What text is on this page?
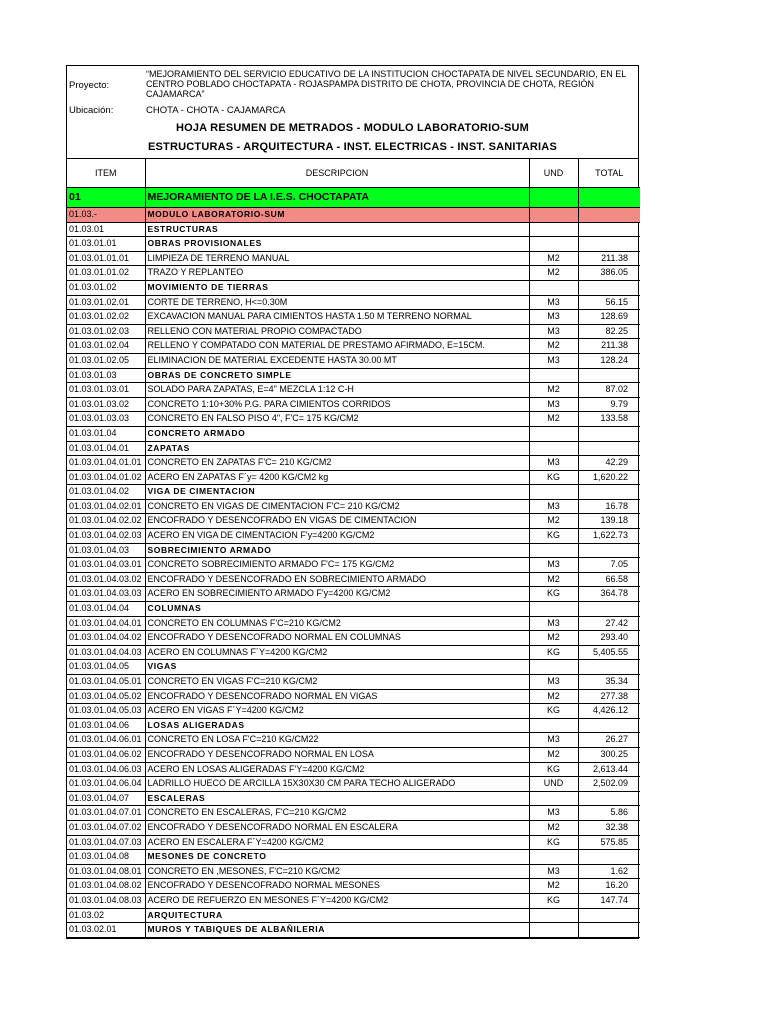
Proyecto:
“MEJORAMIENTO DEL SERVICIO EDUCATIVO DE LA INSTITUCION CHOCTAPATA DE NIVEL SECUNDARIO, EN EL CENTRO POBLADO CHOCTAPATA - ROJASPAMPA DISTRITO DE CHOTA, PROVINCIA DE CHOTA, REGIÓN CAJAMARCA”
Ubicación:	CHOTA - CHOTA - CAJAMARCA
HOJA RESUMEN DE METRADOS - MODULO LABORATORIO-SUM
ESTRUCTURAS - ARQUITECTURA - INST. ELECTRICAS - INST. SANITARIAS
ITEM	DESCRIPCION	UND	TOTAL
01	MEJORAMIENTO DE LA I.E.S. CHOCTAPATA		
01.03.-	MODULO LABORATORIO-SUM		
01.03.01	ESTRUCTURAS		
01.03.01.01	OBRAS PROVISIONALES		
01.03.01.01.01	LIMPIEZA DE TERRENO MANUAL	M2	211.38
01.03.01.01.02	TRAZO Y REPLANTEO	M2	386.05
01.03.01.02	MOVIMIENTO DE TIERRAS		
01.03.01.02.01	CORTE DE TERRENO, H<=0.30M	M3	56.15
01.03.01.02.02	EXCAVACION MANUAL PARA CIMIENTOS HASTA 1.50 M TERRENO NORMAL	M3	128.69
01.03.01.02.03	RELLENO CON MATERIAL PROPIO COMPACTADO	M3	82.25
01.03.01.02.04	RELLENO Y COMPATADO CON MATERIAL DE PRESTAMO AFIRMADO, E=15CM.	M2	211.38
01.03.01.02.05	ELIMINACION DE MATERIAL EXCEDENTE HASTA 30.00 MT	M3	128.24
01.03.01.03	OBRAS DE CONCRETO SIMPLE		
01.03.01.03.01	SOLADO PARA ZAPATAS, E=4" MEZCLA 1:12 C-H	M2	87.02
01.03.01.03.02	CONCRETO 1:10+30% P.G. PARA CIMIENTOS CORRIDOS	M3	9.79
01.03.01.03.03	CONCRETO EN FALSO PISO 4", F'C= 175 KG/CM2	M2	133.58
01.03.01.04	CONCRETO ARMADO		
01.03.01.04.01	ZAPATAS		
01.03.01.04.01.01	CONCRETO EN ZAPATAS F'C= 210 KG/CM2	M3	42.29
01.03.01.04.01.02	ACERO EN ZAPATAS F´y= 4200 KG/CM2 kg	KG	1,620.22
01.03.01.04.02	VIGA DE CIMENTACION		
01.03.01.04.02.01	CONCRETO EN VIGAS DE CIMENTACION F'C= 210 KG/CM2	M3	16.78
01.03.01.04.02.02	ENCOFRADO Y DESENCOFRADO EN VIGAS DE CIMENTACION	M2	139.18
01.03.01.04.02.03	ACERO EN VIGA DE CIMENTACION F'y=4200 KG/CM2	KG	1,622.73
01.03.01.04.03	SOBRECIMIENTO ARMADO		
01.03.01.04.03.01	CONCRETO SOBRECIMIENTO ARMADO F'C= 175 KG/CM2	M3	7.05
01.03.01.04.03.02	ENCOFRADO Y DESENCOFRADO EN SOBRECIMIENTO ARMADO	M2	66.58
01.03.01.04.03.03	ACERO EN SOBRECIMIENTO ARMADO F'y=4200 KG/CM2	KG	364.78
01.03.01.04.04	COLUMNAS		
01.03.01.04.04.01	CONCRETO EN COLUMNAS F'C=210 KG/CM2	M3	27.42
01.03.01.04.04.02	ENCOFRADO Y DESENCOFRADO NORMAL EN COLUMNAS	M2	293.40
01.03.01.04.04.03	ACERO EN COLUMNAS F´Y=4200 KG/CM2	KG	5,405.55
01.03.01.04.05	VIGAS		
01.03.01.04.05.01	CONCRETO EN VIGAS F'C=210 KG/CM2	M3	35.34
01.03.01.04.05.02	ENCOFRADO Y DESENCOFRADO NORMAL EN VIGAS	M2	277.38
01.03.01.04.05.03	ACERO EN VIGAS F´Y=4200 KG/CM2	KG	4,426.12
01.03.01.04.06	LOSAS ALIGERADAS		
01.03.01.04.06.01	CONCRETO EN LOSA F'C=210 KG/CM22	M3	26.27
01.03.01.04.06.02	ENCOFRADO Y DESENCOFRADO NORMAL EN LOSA	M2	300.25
01.03.01.04.06.03	ACERO EN LOSAS ALIGERADAS F'Y=4200 KG/CM2	KG	2,613.44
01.03.01.04.06.04	LADRILLO HUECO DE ARCILLA 15X30X30 CM PARA TECHO ALIGERADO	UND	2,502.09
01.03.01.04.07	ESCALERAS		
01.03.01.04.07.01	CONCRETO EN ESCALERAS, F'C=210 KG/CM2	M3	5.86
01.03.01.04.07.02	ENCOFRADO Y DESENCOFRADO NORMAL EN ESCALERA	M2	32.38
01.03.01.04.07.03	ACERO EN ESCALERA F´Y=4200 KG/CM2	KG	575.85
01.03.01.04.08	MESONES DE CONCRETO		
01.03.01.04.08.01	CONCRETO EN ,MESONES, F'C=210 KG/CM2	M3	1.62
01.03.01.04.08.02	ENCOFRADO Y DESENCOFRADO NORMAL MESONES	M2	16.20
01.03.01.04.08.03	ACERO DE REFUERZO EN MESONES F´Y=4200 KG/CM2	KG	147.74
01.03.02	ARQUITECTURA		
01.03.02.01	MUROS Y TABIQUES DE ALBAÑILERIA		
